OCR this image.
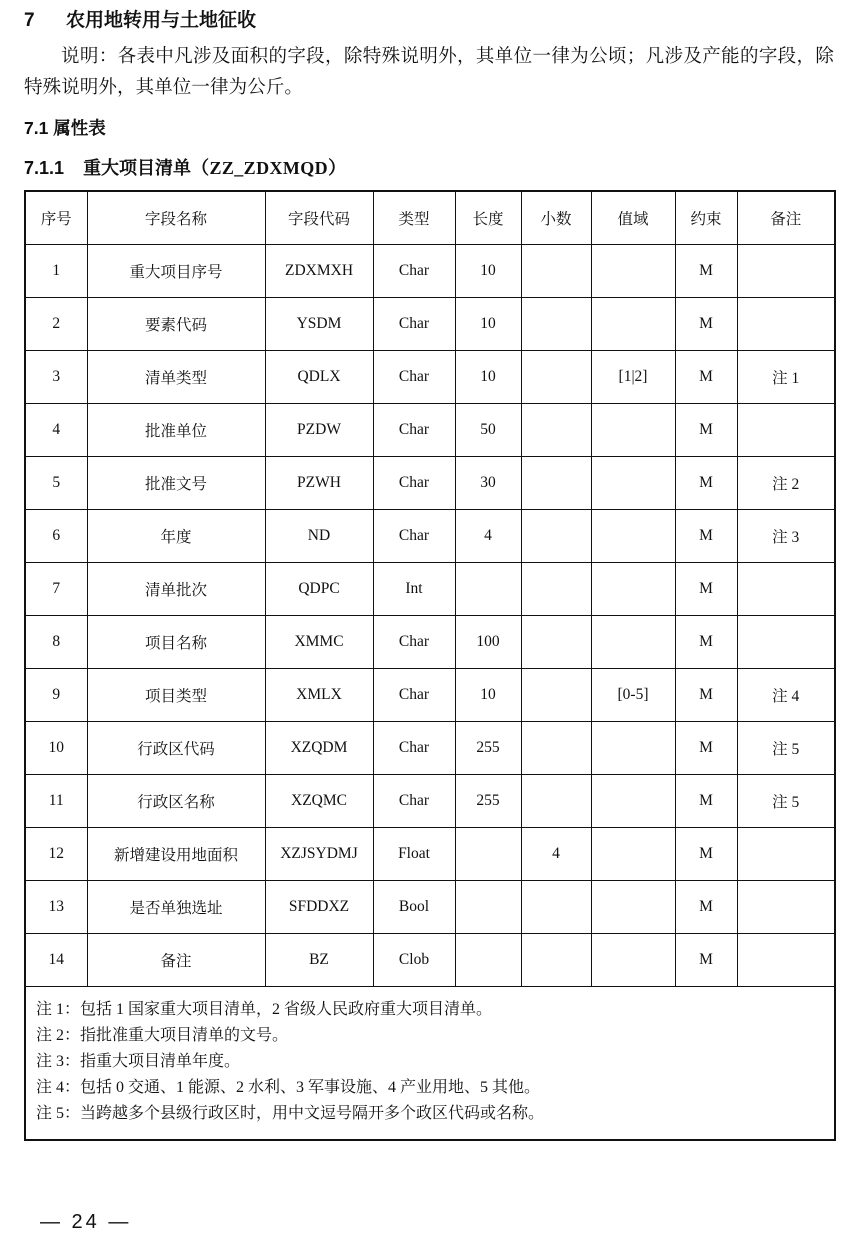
7	农用地转用与土地征收

说明：各表中凡涉及面积的字段，除特殊说明外，其单位一律为公顷；凡涉及产能的字段，除特殊说明外，其单位一律为公斤。

7.1 属性表
7.1.1 重大项目清单（ZZ_ZDXMQD）
序号	字段名称	字段代码	类型	长度	小数	值域	约束	备注
1	重大项目序号	ZDXMXH	Char	10			M	
2	要素代码	YSDM	Char	10			M	
3	清单类型	QDLX	Char	10		[1|2]	M	注 1
4	批准单位	PZDW	Char	50			M	
5	批准文号	PZWH	Char	30			M	注 2
6	年度	ND	Char	4			M	注 3
7	清单批次	QDPC	Int				M	
8	项目名称	XMMC	Char	100			M	
9	项目类型	XMLX	Char	10		[0-5]	M	注 4
10	行政区代码	XZQDM	Char	255			M	注 5
11	行政区名称	XZQMC	Char	255			M	注 5
12	新增建设用地面积	XZJSYDMJ	Float		4		M	
13	是否单独选址	SFDDXZ	Bool				M	
14	备注	BZ	Clob				M	

注 1：包括 1 国家重大项目清单，2 省级人民政府重大项目清单。
注 2：指批准重大项目清单的文号。
注 3：指重大项目清单年度。
注 4：包括 0 交通、1 能源、2 水利、3 军事设施、4 产业用地、5 其他。
注 5：当跨越多个县级行政区时，用中文逗号隔开多个政区代码或名称。								
— 24 —
